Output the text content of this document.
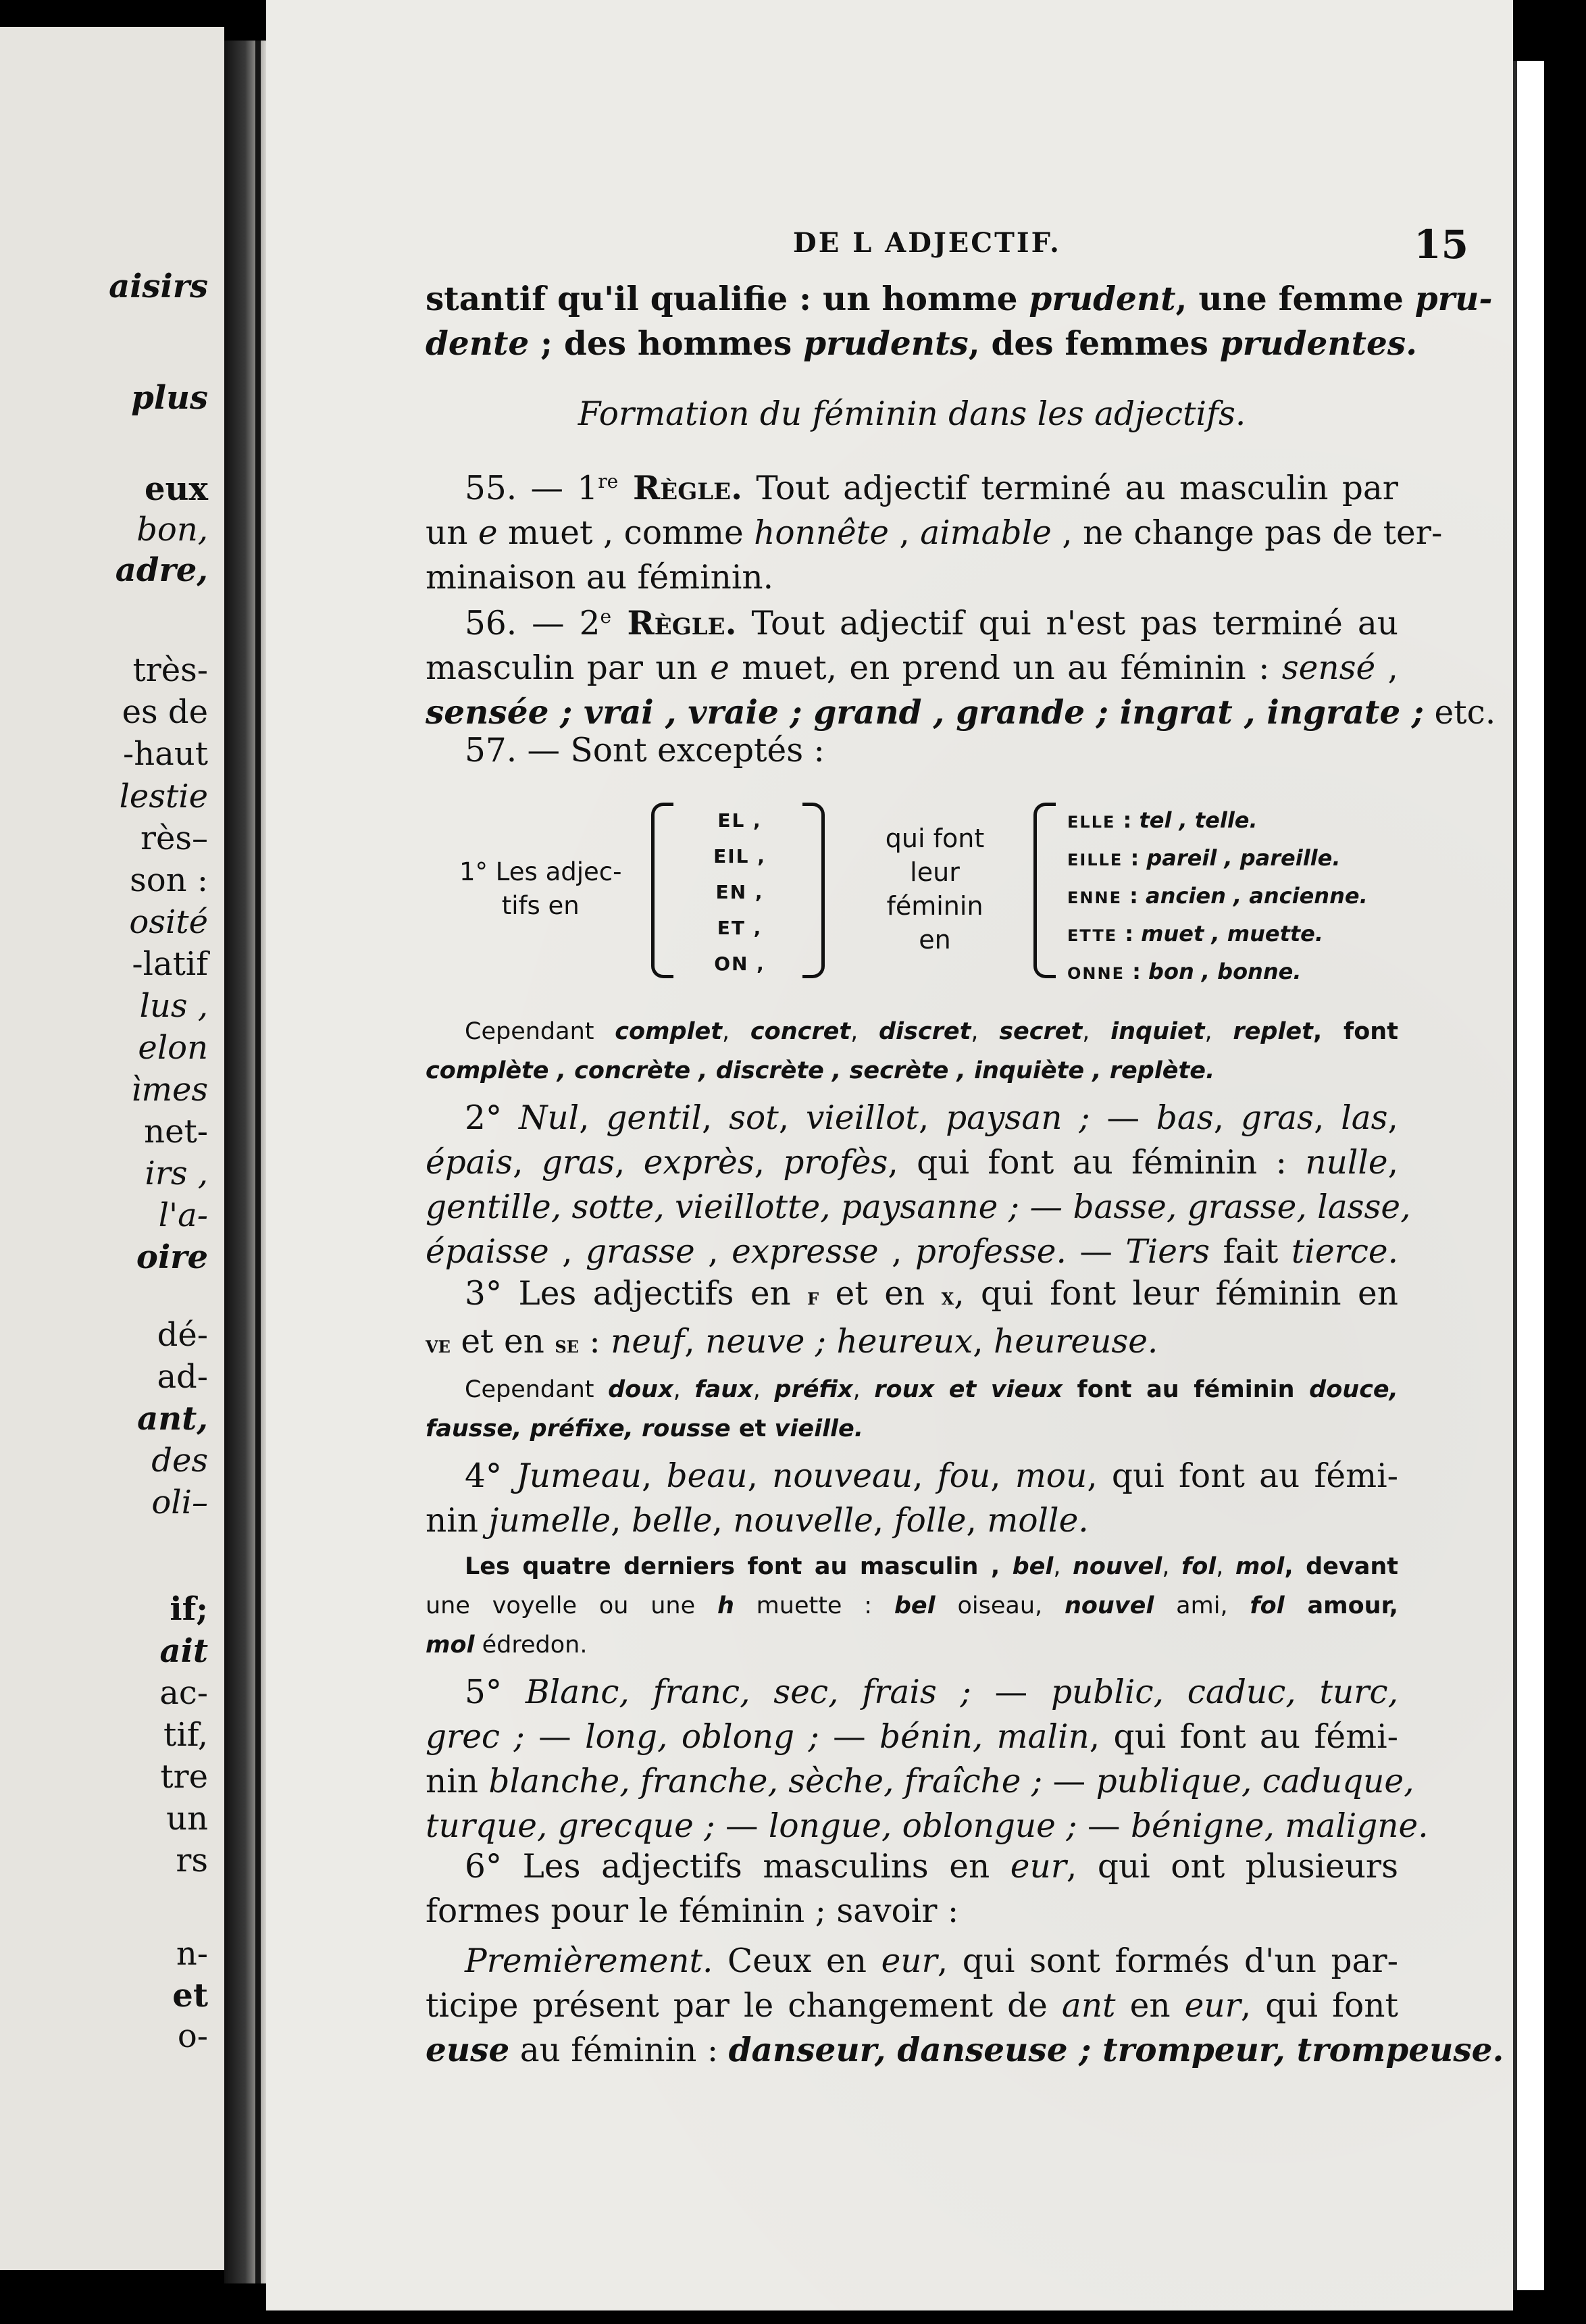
aisirs
plus
eux
bon,
adre,
très-
es de
-haut
lestie
rès–
son :
osité
-latif
lus ,
elon
ìmes
net-
irs ,
l'a-
oire
dé-
ad-
ant,
des
oli–
if;
ait
ac-
tif,
tre
un
rs
n-
et
o-
DE L ADJECTIF.	15

stantif qu'il qualifie : un homme prudent, une femme pru-
dente ; des hommes prudents, des femmes prudentes.

Formation du féminin dans les adjectifs.

55. — 1re Règle. Tout adjectif terminé au masculin par
un e muet , comme honnête , aimable , ne change pas de ter-
minaison au féminin.

56. — 2e Règle. Tout adjectif qui n'est pas terminé au
masculin par un e muet, en prend un au féminin : sensé ,
sensée ; vrai , vraie ; grand , grande ; ingrat , ingrate ; etc.

57. — Sont exceptés :

1° Les adjec-
tifs en
EL ,
EIL ,
EN ,
ET ,
ON ,
qui font
leur
féminin
en
ELLE : tel , telle.
EILLE : pareil , pareille.
ENNE : ancien , ancienne.
ETTE : muet , muette.
ONNE : bon , bonne.

Cependant complet, concret, discret, secret, inquiet, replet, font
complète , concrète , discrète , secrète , inquiète , replète.

2° Nul, gentil, sot, vieillot, paysan ; — bas, gras, las,
épais, gras, exprès, profès, qui font au féminin : nulle,
gentille, sotte, vieillotte, paysanne ; — basse, grasse, lasse,
épaisse , grasse , expresse , professe. — Tiers fait tierce.

3° Les adjectifs en f et en x, qui font leur féminin en
ve et en se : neuf, neuve ; heureux, heureuse.

Cependant doux, faux, préfix, roux et vieux font au féminin douce,
fausse, préfixe, rousse et vieille.

4° Jumeau, beau, nouveau, fou, mou, qui font au fémi-
nin jumelle, belle, nouvelle, folle, molle.

Les quatre derniers font au masculin , bel, nouvel, fol, mol, devant
une voyelle ou une h muette : bel oiseau, nouvel ami, fol amour,
mol édredon.

5° Blanc, franc, sec, frais ; — public, caduc, turc,
grec ; — long, oblong ; — bénin, malin, qui font au fémi-
nin blanche, franche, sèche, fraîche ; — publique, caduque,
turque, grecque ; — longue, oblongue ; — bénigne, maligne.

6° Les adjectifs masculins en eur, qui ont plusieurs
formes pour le féminin ; savoir :

Premièrement. Ceux en eur, qui sont formés d'un par-
ticipe présent par le changement de ant en eur, qui font
euse au féminin : danseur, danseuse ; trompeur, trompeuse.
